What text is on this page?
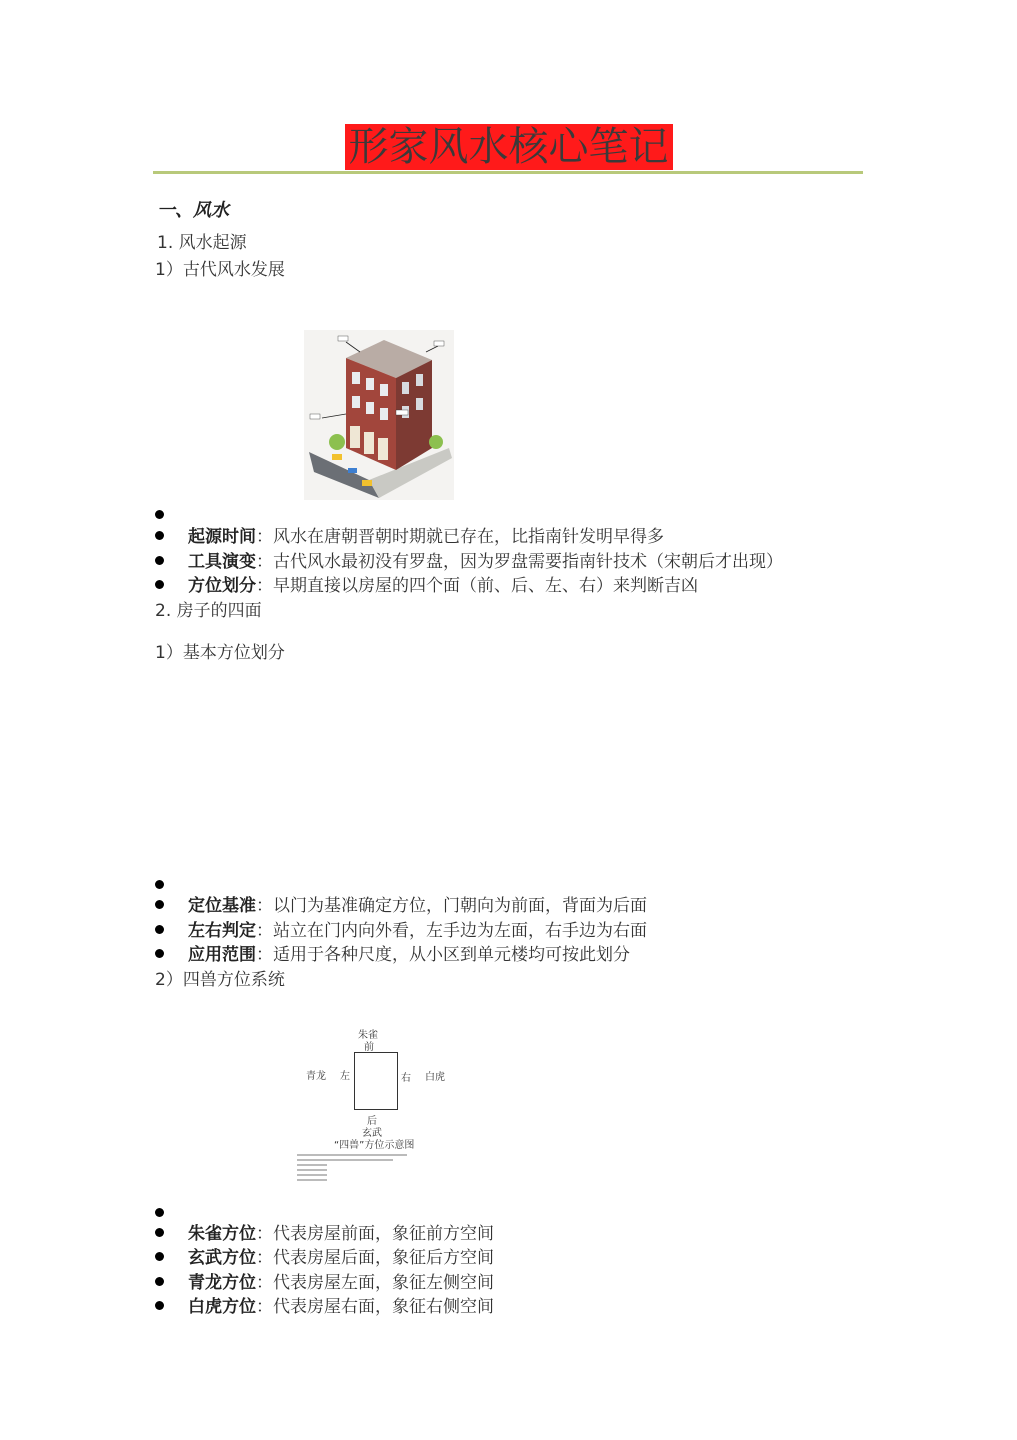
形家风水核心笔记
一、风水
1. 风水起源
1）古代风水发展
起源时间：风水在唐朝晋朝时期就已存在，比指南针发明早得多
工具演变：古代风水最初没有罗盘，因为罗盘需要指南针技术（宋朝后才出现）
方位划分：早期直接以房屋的四个面（前、后、左、右）来判断吉凶
2. 房子的四面
1）基本方位划分
定位基准：以门为基准确定方位，门朝向为前面，背面为后面
左右判定：站立在门内向外看，左手边为左面，右手边为右面
应用范围：适用于各种尺度，从小区到单元楼均可按此划分
2）四兽方位系统
朱雀
前
青龙 左	右 白虎
后
玄武
“四兽”方位示意图
朱雀方位：代表房屋前面，象征前方空间
玄武方位：代表房屋后面，象征后方空间
青龙方位：代表房屋左面，象征左侧空间
白虎方位：代表房屋右面，象征右侧空间
